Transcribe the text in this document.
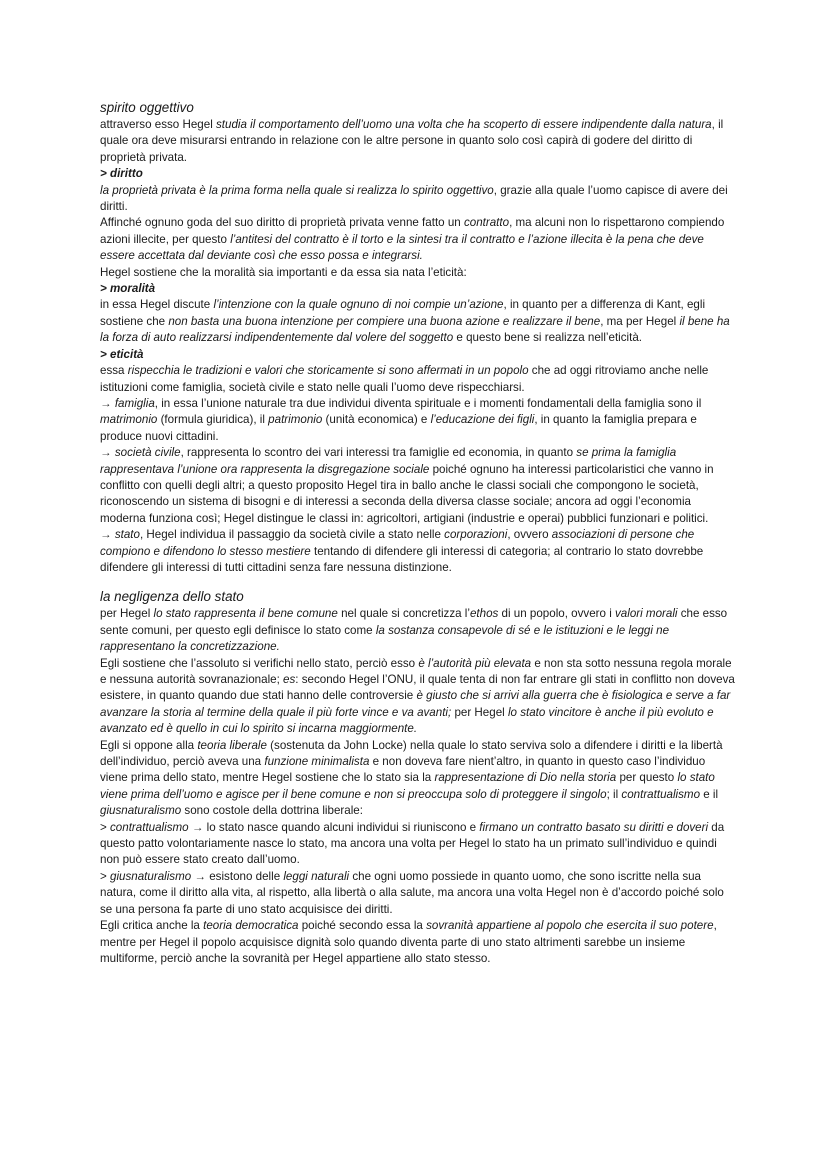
spirito oggettivo

attraverso esso Hegel studia il comportamento dell’uomo una volta che ha scoperto di essere indipendente dalla natura, il quale ora deve misurarsi entrando in relazione con le altre persone in quanto solo così capirà di godere del diritto di proprietà privata.

> diritto

la proprietà privata è la prima forma nella quale si realizza lo spirito oggettivo, grazie alla quale l’uomo capisce di avere dei diritti.

Affinché ognuno goda del suo diritto di proprietà privata venne fatto un contratto, ma alcuni non lo rispettarono compiendo azioni illecite, per questo l’antitesi del contratto è il torto e la sintesi tra il contratto e l’azione illecita è la pena che deve essere accettata dal deviante così che esso possa e integrarsi.

Hegel sostiene che la moralità sia importanti e da essa sia nata l’eticità:

> moralità

in essa Hegel discute l’intenzione con la quale ognuno di noi compie un’azione, in quanto per a differenza di Kant, egli sostiene che non basta una buona intenzione per compiere una buona azione e realizzare il bene, ma per Hegel il bene ha la forza di auto realizzarsi indipendentemente dal volere del soggetto e questo bene si realizza nell’eticità.

> eticità

essa rispecchia le tradizioni e valori che storicamente si sono affermati in un popolo che ad oggi ritroviamo anche nelle istituzioni come famiglia, società civile e stato nelle quali l’uomo deve rispecchiarsi.

→ famiglia, in essa l’unione naturale tra due individui diventa spirituale e i momenti fondamentali della famiglia sono il matrimonio (formula giuridica), il patrimonio (unità economica) e l’educazione dei figli, in quanto la famiglia prepara e produce nuovi cittadini.

→ società civile, rappresenta lo scontro dei vari interessi tra famiglie ed economia, in quanto se prima la famiglia rappresentava l’unione ora rappresenta la disgregazione sociale poiché ognuno ha interessi particolaristici che vanno in conflitto con quelli degli altri; a questo proposito Hegel tira in ballo anche le classi sociali che compongono le società, riconoscendo un sistema di bisogni e di interessi a seconda della diversa classe sociale; ancora ad oggi l’economia moderna funziona così; Hegel distingue le classi in: agricoltori, artigiani (industrie e operai) pubblici funzionari e politici.

→ stato, Hegel individua il passaggio da società civile a stato nelle corporazioni, ovvero associazioni di persone che compiono e difendono lo stesso mestiere tentando di difendere gli interessi di categoria; al contrario lo stato dovrebbe difendere gli interessi di tutti cittadini senza fare nessuna distinzione.

la negligenza dello stato

per Hegel lo stato rappresenta il bene comune nel quale si concretizza l’ethos di un popolo, ovvero i valori morali che esso sente comuni, per questo egli definisce lo stato come la sostanza consapevole di sé e le istituzioni e le leggi ne rappresentano la concretizzazione.

Egli sostiene che l’assoluto si verifichi nello stato, perciò esso è l’autorità più elevata e non sta sotto nessuna regola morale e nessuna autorità sovranazionale; es: secondo Hegel l’ONU, il quale tenta di non far entrare gli stati in conflitto non doveva esistere, in quanto quando due stati hanno delle controversie è giusto che si arrivi alla guerra che è fisiologica e serve a far avanzare la storia al termine della quale il più forte vince e va avanti; per Hegel lo stato vincitore è anche il più evoluto e avanzato ed è quello in cui lo spirito si incarna maggiormente.

Egli si oppone alla teoria liberale (sostenuta da John Locke) nella quale lo stato serviva solo a difendere i diritti e la libertà dell’individuo, perciò aveva una funzione minimalista e non doveva fare nient’altro, in quanto in questo caso l’individuo viene prima dello stato, mentre Hegel sostiene che lo stato sia la rappresentazione di Dio nella storia per questo lo stato viene prima dell’uomo e agisce per il bene comune e non si preoccupa solo di proteggere il singolo; il contrattualismo e il giusnaturalismo sono costole della dottrina liberale:

> contrattualismo → lo stato nasce quando alcuni individui si riuniscono e firmano un contratto basato su diritti e doveri da questo patto volontariamente nasce lo stato, ma ancora una volta per Hegel lo stato ha un primato sull’individuo e quindi non può essere stato creato dall’uomo.

> giusnaturalismo → esistono delle leggi naturali che ogni uomo possiede in quanto uomo, che sono iscritte nella sua natura, come il diritto alla vita, al rispetto, alla libertà o alla salute, ma ancora una volta Hegel non è d’accordo poiché solo se una persona fa parte di uno stato acquisisce dei diritti.

Egli critica anche la teoria democratica poiché secondo essa la sovranità appartiene al popolo che esercita il suo potere, mentre per Hegel il popolo acquisisce dignità solo quando diventa parte di uno stato altrimenti sarebbe un insieme multiforme, perciò anche la sovranità per Hegel appartiene allo stato stesso.
